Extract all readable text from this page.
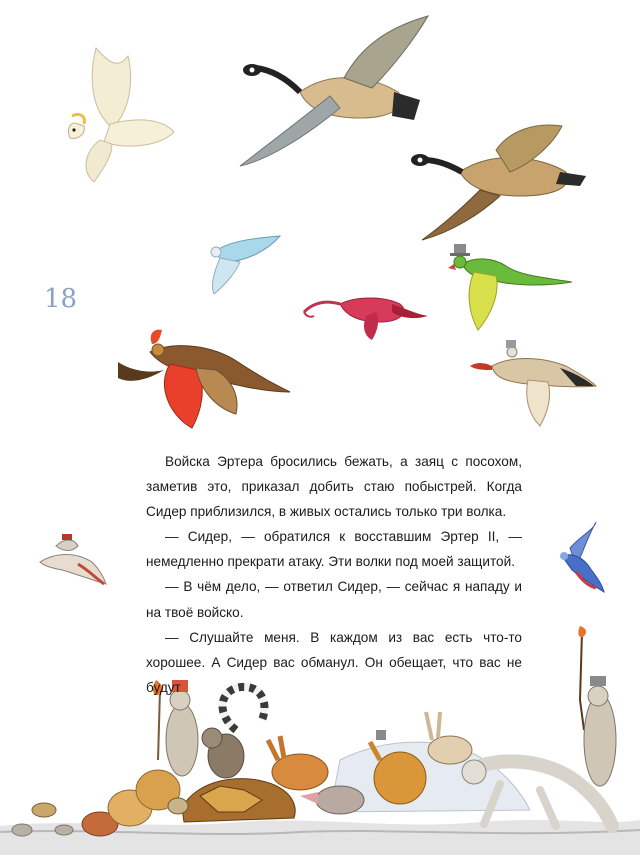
18

Войска Эртера бросились бежать, а заяц с посохом, заметив это, приказал добить стаю побыстрей. Когда Сидер приблизился, в живых остались только три волка.

— Сидер, — обратился к восставшим Эртер II, — немедленно прекрати атаку. Эти волки под моей защитой.

— В чём дело, — ответил Сидер, — сейчас я нападу и на твоё войско.

— Слушайте меня. В каждом из вас есть что-то хорошее. А Сидер вас обманул. Он обещает, что вас не будут
